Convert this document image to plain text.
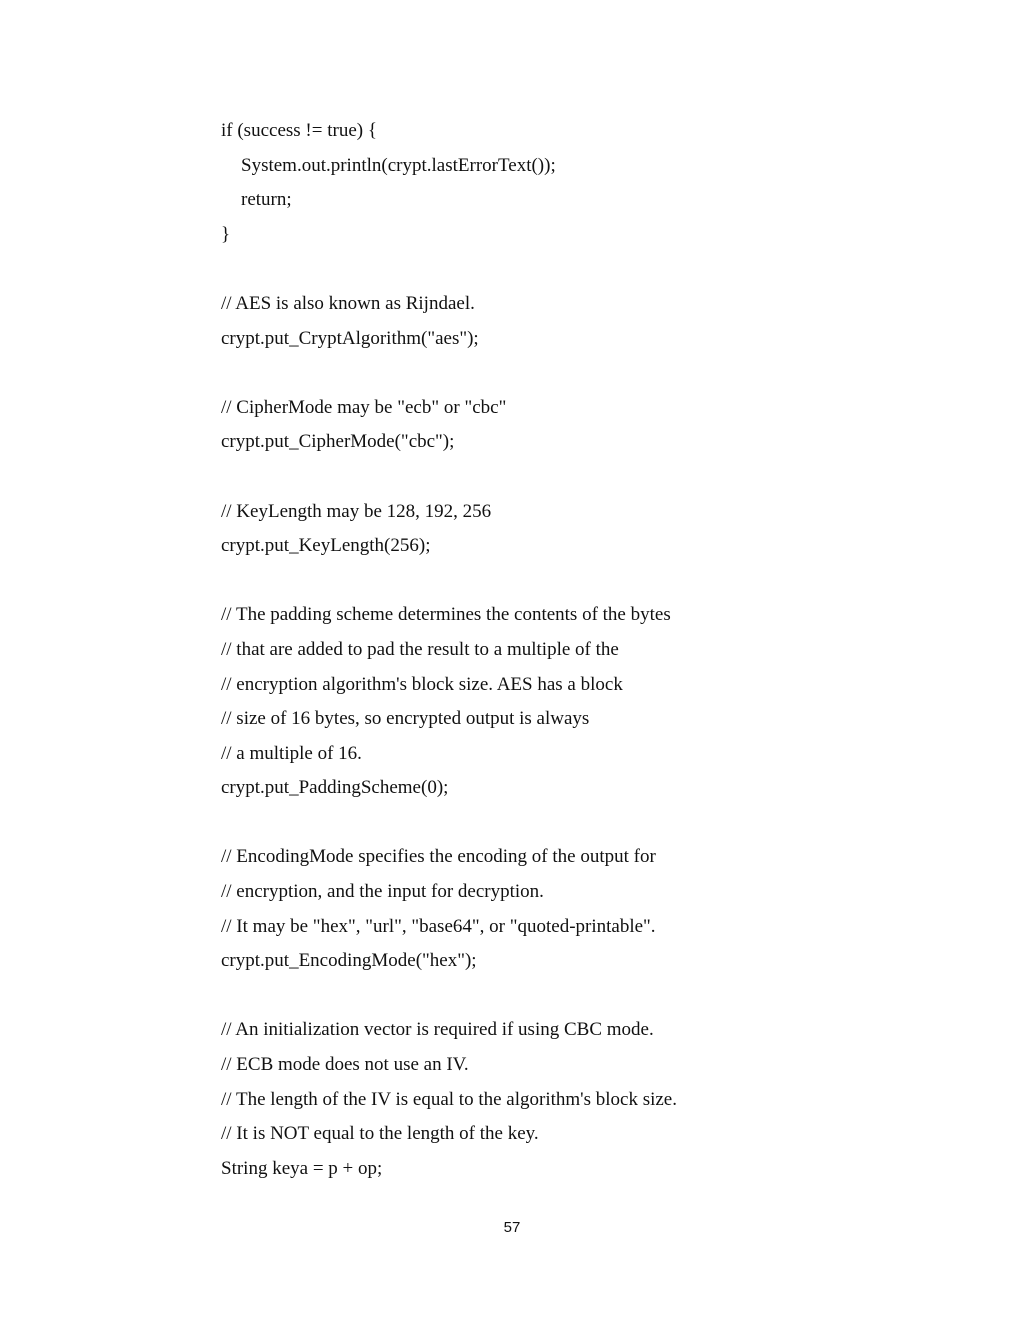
if (success != true) {
System.out.println(crypt.lastErrorText());
return;
}
// AES is also known as Rijndael.
crypt.put_CryptAlgorithm("aes");
// CipherMode may be "ecb" or "cbc"
crypt.put_CipherMode("cbc");
// KeyLength may be 128, 192, 256
crypt.put_KeyLength(256);
// The padding scheme determines the contents of the bytes
// that are added to pad the result to a multiple of the
// encryption algorithm's block size. AES has a block
// size of 16 bytes, so encrypted output is always
// a multiple of 16.
crypt.put_PaddingScheme(0);
// EncodingMode specifies the encoding of the output for
// encryption, and the input for decryption.
// It may be "hex", "url", "base64", or "quoted-printable".
crypt.put_EncodingMode("hex");
// An initialization vector is required if using CBC mode.
// ECB mode does not use an IV.
// The length of the IV is equal to the algorithm's block size.
// It is NOT equal to the length of the key.
String keya = p + op;
57
